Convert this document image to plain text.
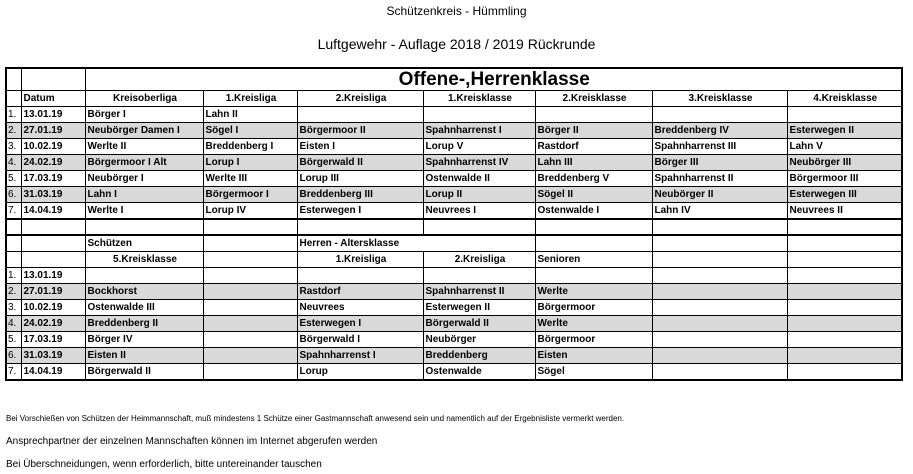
Schützenkreis - Hümmling
Luftgewehr - Auflage 2018 / 2019 Rückrunde
		Offene-,Herrenklasse						
	Datum	Kreisoberliga	1.Kreisliga	2.Kreisliga	1.Kreisklasse	2.Kreisklasse	3.Kreisklasse	4.Kreisklasse
1.	13.01.19	Börger I	Lahn II					
2.	27.01.19	Neubörger Damen I	Sögel I	Börgermoor II	Spahnharrenst I	Börger II	Breddenberg IV	Esterwegen II
3.	10.02.19	Werlte II	Breddenberg I	Eisten I	Lorup V	Rastdorf	Spahnharrenst III	Lahn V
4.	24.02.19	Börgermoor I Alt	Lorup I	Börgerwald II	Spahnharrenst IV	Lahn III	Börger III	Neubörger III
5.	17.03.19	Neubörger I	Werlte III	Lorup III	Ostenwalde II	Breddenberg V	Spahnharrenst II	Börgermoor III
6.	31.03.19	Lahn I	Börgermoor I	Breddenberg III	Lorup II	Sögel II	Neubörger II	Esterwegen III
7.	14.04.19	Werlte I	Lorup IV	Esterwegen I	Neuvrees I	Ostenwalde I	Lahn IV	Neuvrees II

		Schützen		Herren - Altersklasse				
		5.Kreisklasse		1.Kreisliga	2.Kreisliga	Senioren		
1.	13.01.19							
2.	27.01.19	Bockhorst		Rastdorf	Spahnharrenst II	Werlte		
3.	10.02.19	Ostenwalde III		Neuvrees	Esterwegen II	Börgermoor		
4.	24.02.19	Breddenberg II		Esterwegen I	Börgerwald II	Werlte		
5.	17.03.19	Börger IV		Börgerwald I	Neubörger	Börgermoor		
6.	31.03.19	Eisten II		Spahnharrenst I	Breddenberg	Eisten		
7.	14.04.19	Börgerwald II		Lorup	Ostenwalde	Sögel		
Bei Vorschießen von Schützen der Heimmannschaft, muß mindestens 1 Schütze einer Gastmannschaft anwesend sein und namentlich auf der Ergebnisliste vermerkt werden.
Ansprechpartner der einzelnen Mannschaften können im Internet abgerufen werden
Bei Überschneidungen, wenn erforderlich, bitte untereinander tauschen
